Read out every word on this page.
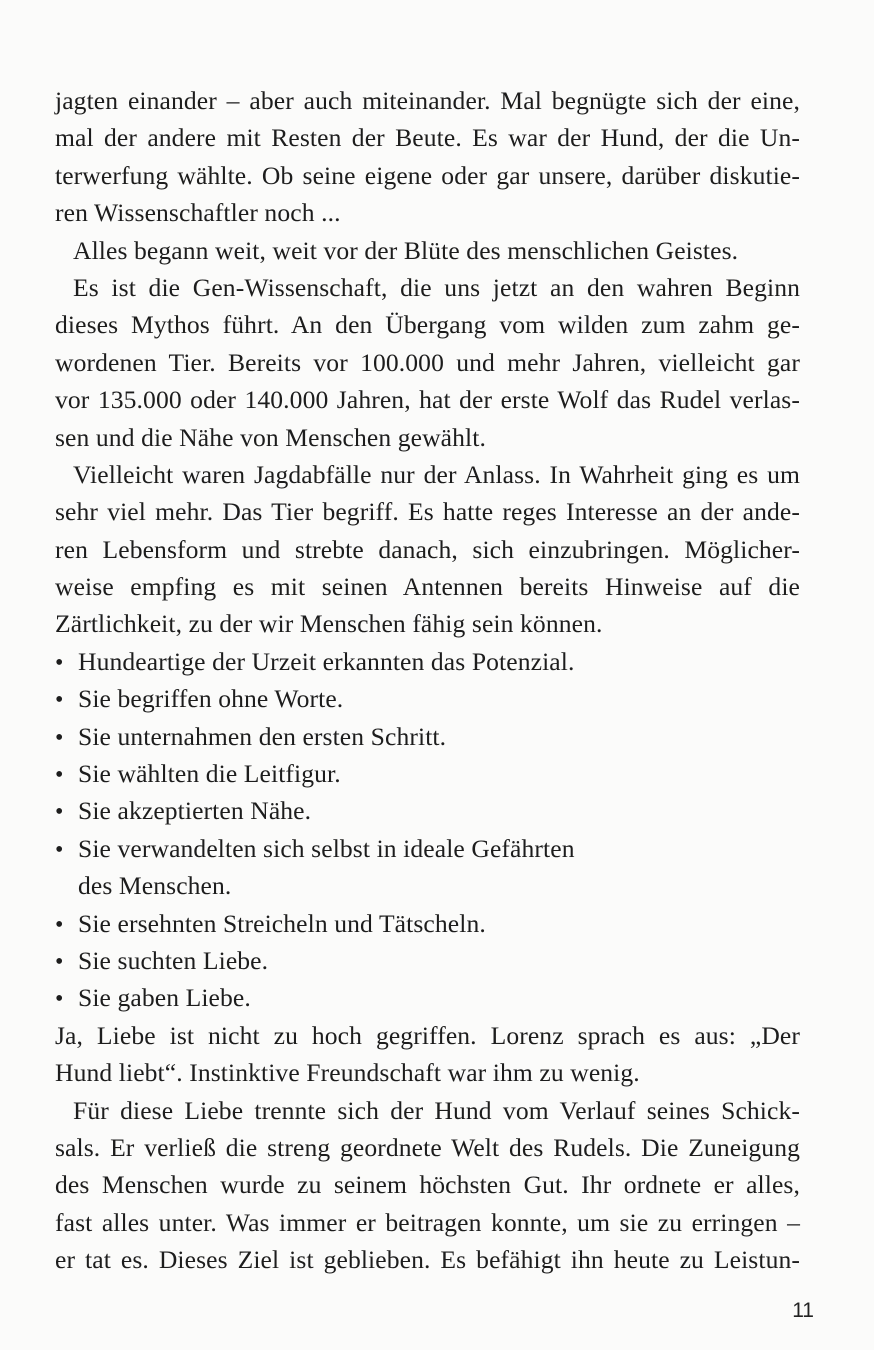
jagten einander – aber auch miteinander. Mal begnügte sich der eine,
mal der andere mit Resten der Beute. Es war der Hund, der die Un-
terwerfung wählte. Ob seine eigene oder gar unsere, darüber diskutie-
ren Wissenschaftler noch ...
Alles begann weit, weit vor der Blüte des menschlichen Geistes.
Es ist die Gen-Wissenschaft, die uns jetzt an den wahren Beginn
dieses Mythos führt. An den Übergang vom wilden zum zahm ge-
wordenen Tier. Bereits vor 100.000 und mehr Jahren, vielleicht gar
vor 135.000 oder 140.000 Jahren, hat der erste Wolf das Rudel verlas-
sen und die Nähe von Menschen gewählt.
Vielleicht waren Jagdabfälle nur der Anlass. In Wahrheit ging es um
sehr viel mehr. Das Tier begriff. Es hatte reges Interesse an der ande-
ren Lebensform und strebte danach, sich einzubringen. Möglicher-
weise empfing es mit seinen Antennen bereits Hinweise auf die
Zärtlichkeit, zu der wir Menschen fähig sein können.
• Hundeartige der Urzeit erkannten das Potenzial.
• Sie begriffen ohne Worte.
• Sie unternahmen den ersten Schritt.
• Sie wählten die Leitfigur.
• Sie akzeptierten Nähe.
• Sie verwandelten sich selbst in ideale Gefährten
des Menschen.
• Sie ersehnten Streicheln und Tätscheln.
• Sie suchten Liebe.
• Sie gaben Liebe.
Ja, Liebe ist nicht zu hoch gegriffen. Lorenz sprach es aus: „Der
Hund liebt“. Instinktive Freundschaft war ihm zu wenig.
Für diese Liebe trennte sich der Hund vom Verlauf seines Schick-
sals. Er verließ die streng geordnete Welt des Rudels. Die Zuneigung
des Menschen wurde zu seinem höchsten Gut. Ihr ordnete er alles,
fast alles unter. Was immer er beitragen konnte, um sie zu erringen –
er tat es. Dieses Ziel ist geblieben. Es befähigt ihn heute zu Leistun-
11
